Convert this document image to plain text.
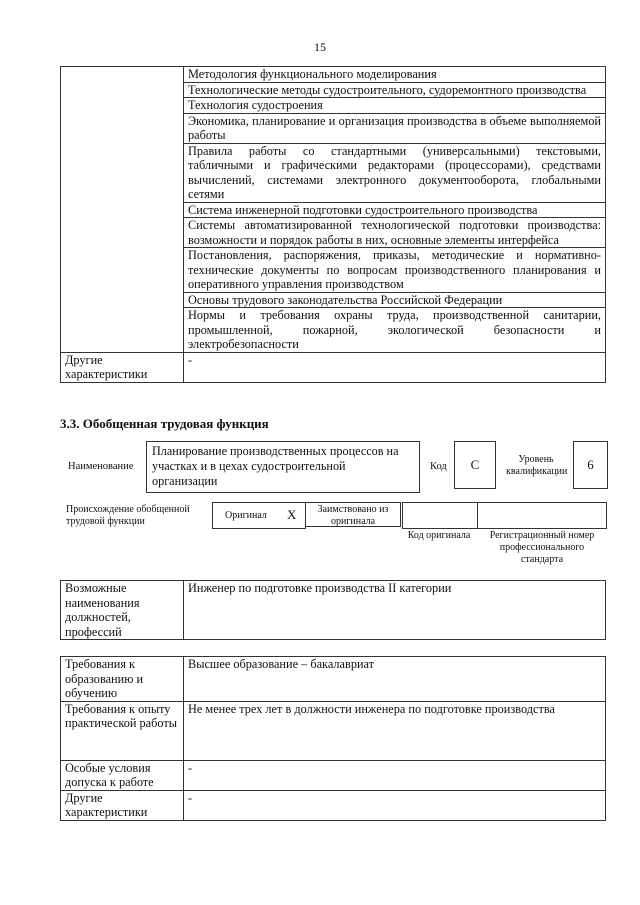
15
	Методология функционального моделирования
	Технологические методы судостроительного, судоремонтного производства
	Технология судостроения
	Экономика, планирование и организация производства в объеме выполняемой работы
	Правила работы со стандартными (универсальными) текстовыми, табличными и графическими редакторами (процессорами), средствами вычислений, системами электронного документооборота, глобальными сетями
	Система инженерной подготовки судостроительного производства
	Системы автоматизированной технологической подготовки производства: возможности и порядок работы в них, основные элементы интерфейса
	Постановления, распоряжения, приказы, методические и нормативно-технические документы по вопросам производственного планирования и оперативного управления производством
	Основы трудового законодательства Российской Федерации
	Нормы и требования охраны труда, производственной санитарии, промышленной, пожарной, экологической безопасности и электробезопасности
Другие характеристики	-
3.3. Обобщенная трудовая функция
Наименование
Планирование производственных процессов на участках и в цехах судостроительной организации
Код	C	Уровень квалификации	6
Происхождение обобщенной трудовой функции
Оригинал X	Заимствовано из оригинала
Код оригинала	Регистрационный номер профессионального стандарта
Возможные наименования должностей, профессий	Инженер по подготовке производства II категории
Требования к образованию и обучению	Высшее образование – бакалавриат
Требования к опыту практической работы	Не менее трех лет в должности инженера по подготовке производства
Особые условия допуска к работе	-
Другие характеристики	-
